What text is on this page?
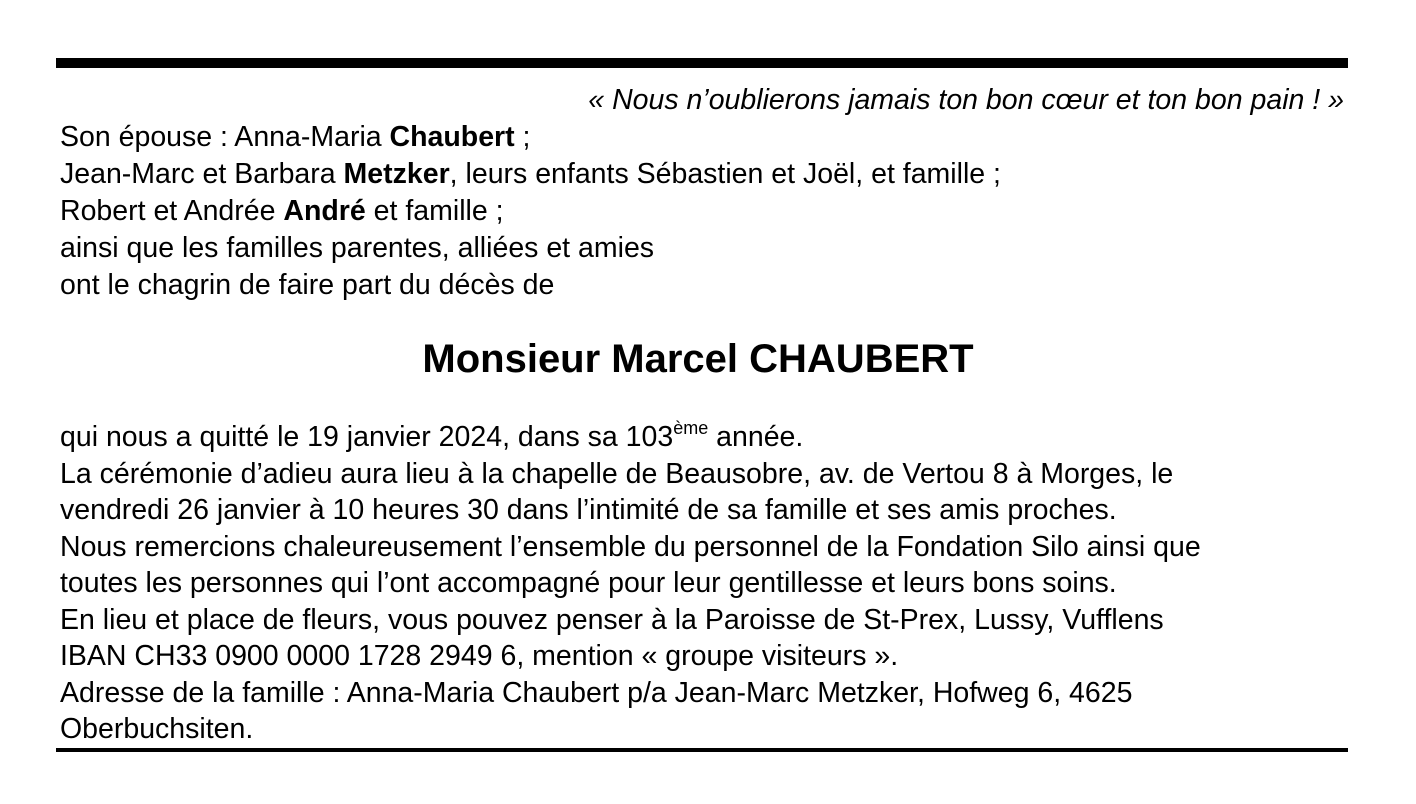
« Nous n’oublierons jamais ton bon cœur et ton bon pain ! »
Son épouse : Anna-Maria Chaubert ;
Jean-Marc et Barbara Metzker, leurs enfants Sébastien et Joël, et famille ;
Robert et Andrée André et famille ;
ainsi que les familles parentes, alliées et amies
ont le chagrin de faire part du décès de
Monsieur Marcel CHAUBERT
qui nous a quitté le 19 janvier 2024, dans sa 103ème année.
La cérémonie d’adieu aura lieu à la chapelle de Beausobre, av. de Vertou 8 à Morges, le
vendredi 26 janvier à 10 heures 30 dans l’intimité de sa famille et ses amis proches.
Nous remercions chaleureusement l’ensemble du personnel de la Fondation Silo ainsi que
toutes les personnes qui l’ont accompagné pour leur gentillesse et leurs bons soins.
En lieu et place de fleurs, vous pouvez penser à la Paroisse de St-Prex, Lussy, Vufflens
IBAN CH33 0900 0000 1728 2949 6, mention « groupe visiteurs ».
Adresse de la famille : Anna-Maria Chaubert p/a Jean-Marc Metzker, Hofweg 6, 4625
Oberbuchsiten.
